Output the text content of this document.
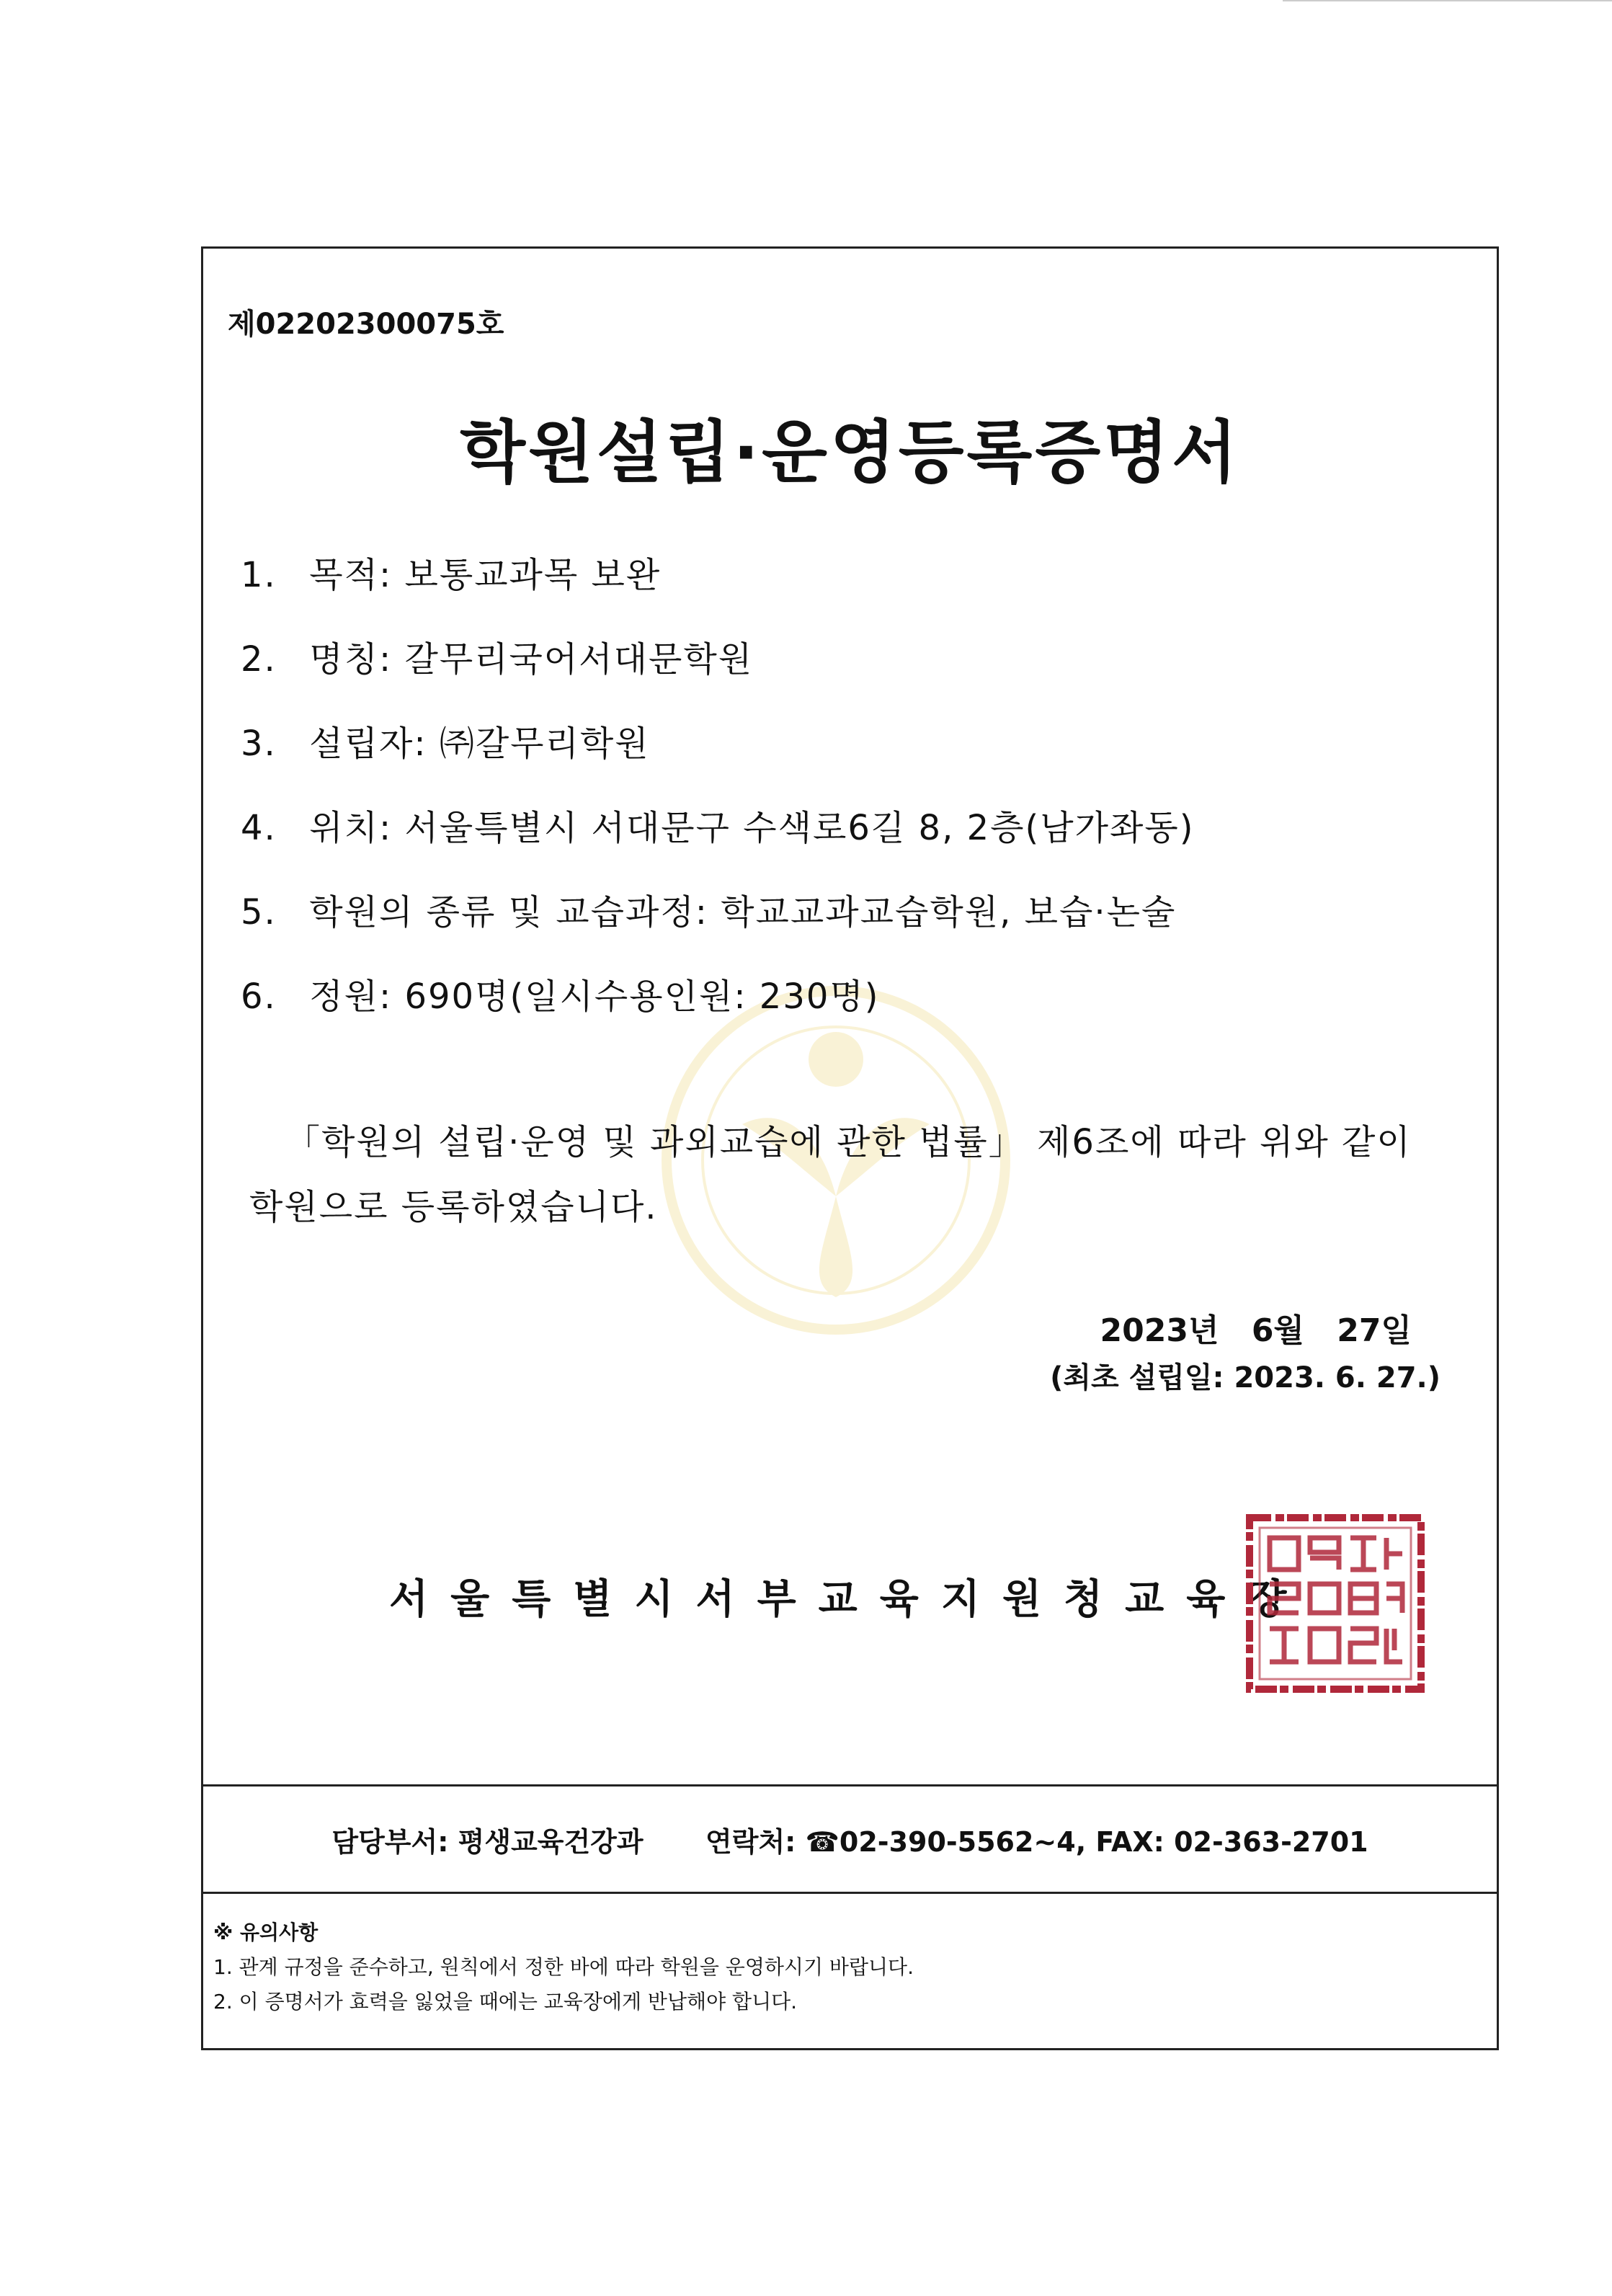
제02202300075호
학원설립·운영등록증명서
1. 목적: 보통교과목 보완
2. 명칭: 갈무리국어서대문학원
3. 설립자: ㈜갈무리학원
4. 위치: 서울특별시 서대문구 수색로6길 8, 2층(남가좌동)
5. 학원의 종류 및 교습과정: 학교교과교습학원, 보습·논술
6. 정원: 690명(일시수용인원: 230명)
「학원의 설립·운영 및 과외교습에 관한 법률」 제6조에 따라 위와 같이
학원으로 등록하였습니다.
2023년 6월 27일
(최초 설립일: 2023. 6. 27.)
서울특별시서부교육지원청교육장
담당부서: 평생교육건강과 연락처: ☎02-390-5562~4, FAX: 02-363-2701
※ 유의사항
1. 관계 규정을 준수하고, 원칙에서 정한 바에 따라 학원을 운영하시기 바랍니다.
2. 이 증명서가 효력을 잃었을 때에는 교육장에게 반납해야 합니다.
